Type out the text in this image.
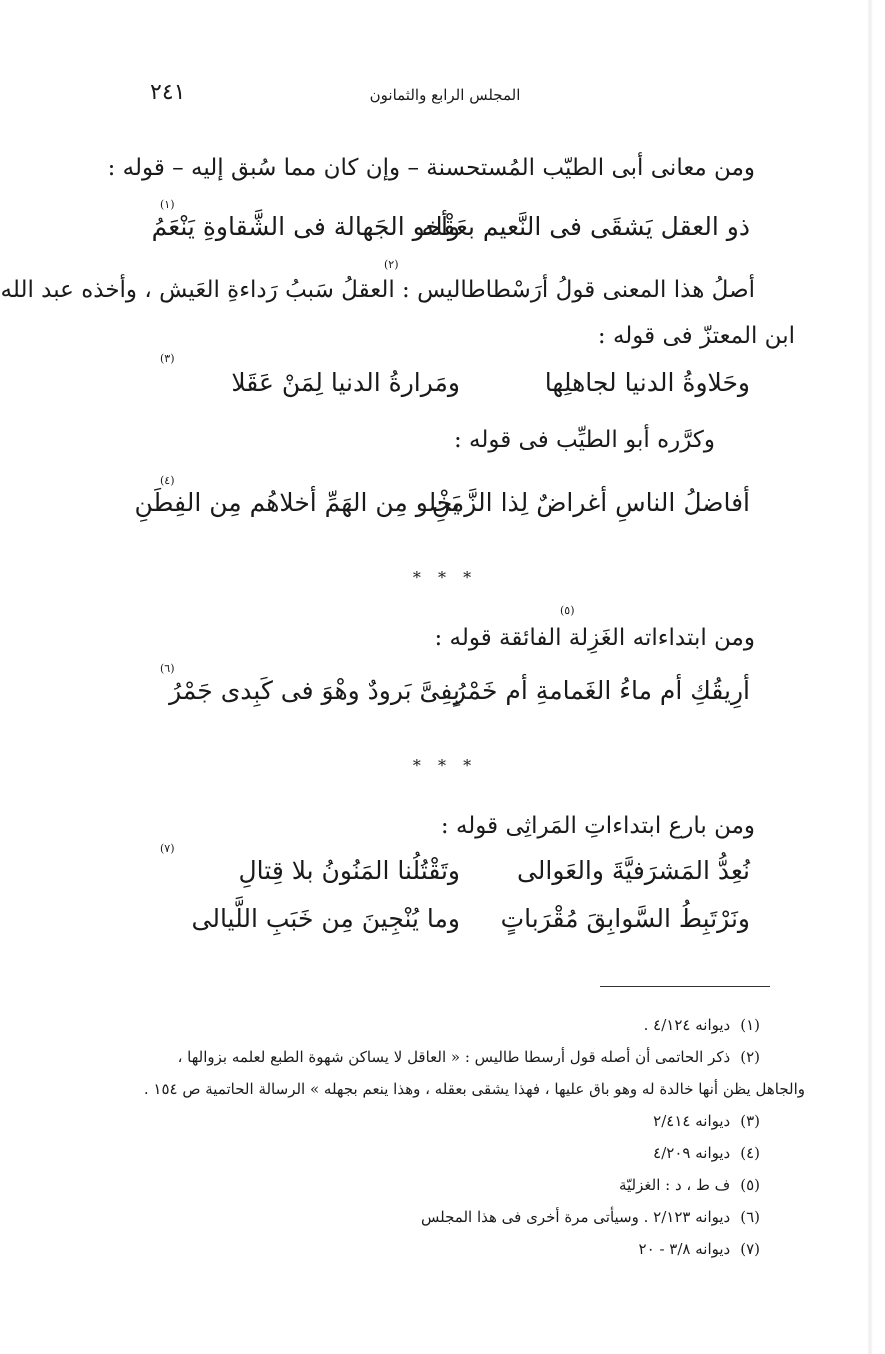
المجلس الرابع والثمانون
٢٤١
ومن معانى أبى الطيّب المُستحسنة – وإن كان مما سُبق إليه – قوله :
(١)
ذو العقل يَشقَى فى النَّعيم بعَقْله
وأخو الجَهالة فى الشَّقاوةِ يَنْعَمُ
(٢)
أصلُ هذا المعنى قولُ أرَسْطاطاليس : العقلُ سَببُ رَداءةِ العَيش ، وأخذه عبد الله
ابن المعتزّ فى قوله :
(٣)
وحَلاوةُ الدنيا لجاهلِها
ومَرارةُ الدنيا لِمَنْ عَقَلا
وكرَّره أبو الطيِّب فى قوله :
(٤)
أفاضلُ الناسِ أغراضٌ لِذا الزَّمنِ
يَخْلو مِن الهَمِّ أخلاهُم مِن الفِطَنِ
* * *
(٥)
ومن ابتداءاته الغَزِلة الفائقة قوله :
(٦)
أرِيقُكِ أم ماءُ الغَمامةِ أم خَمْرُ
بِفِىَّ بَرودٌ وهْوَ فى كَبِدى جَمْرُ
* * *
ومن بارع ابتداءاتِ المَراثِى قوله :
(٧)
نُعِدُّ المَشرَفيَّةَ والعَوالى
وتَقْتُلُنا المَنُونُ بلا قِتالِ
ونَرْتَبِطُ السَّوابِقَ مُقْرَباتٍ
وما يُنْجِينَ مِن خَبَبِ اللَّيالى
(١)ديوانه ٤/١٢٤ .
(٢)ذكر الحاتمى أن أصله قول أرسطا طاليس : « العاقل لا يساكن شهوة الطبع لعلمه بزوالها ،
والجاهل يظن أنها خالدة له وهو باق عليها ، فهذا يشقى بعقله ، وهذا ينعم بجهله » الرسالة الحاتمية ص ١٥٤ .
(٣)ديوانه ٢/٤١٤
(٤)ديوانه ٤/٢٠٩
(٥)ف ط ، د : الغزليّة
(٦)ديوانه ٢/١٢٣ . وسيأتى مرة أخرى فى هذا المجلس
(٧)ديوانه ٣/٨ - ٢٠
